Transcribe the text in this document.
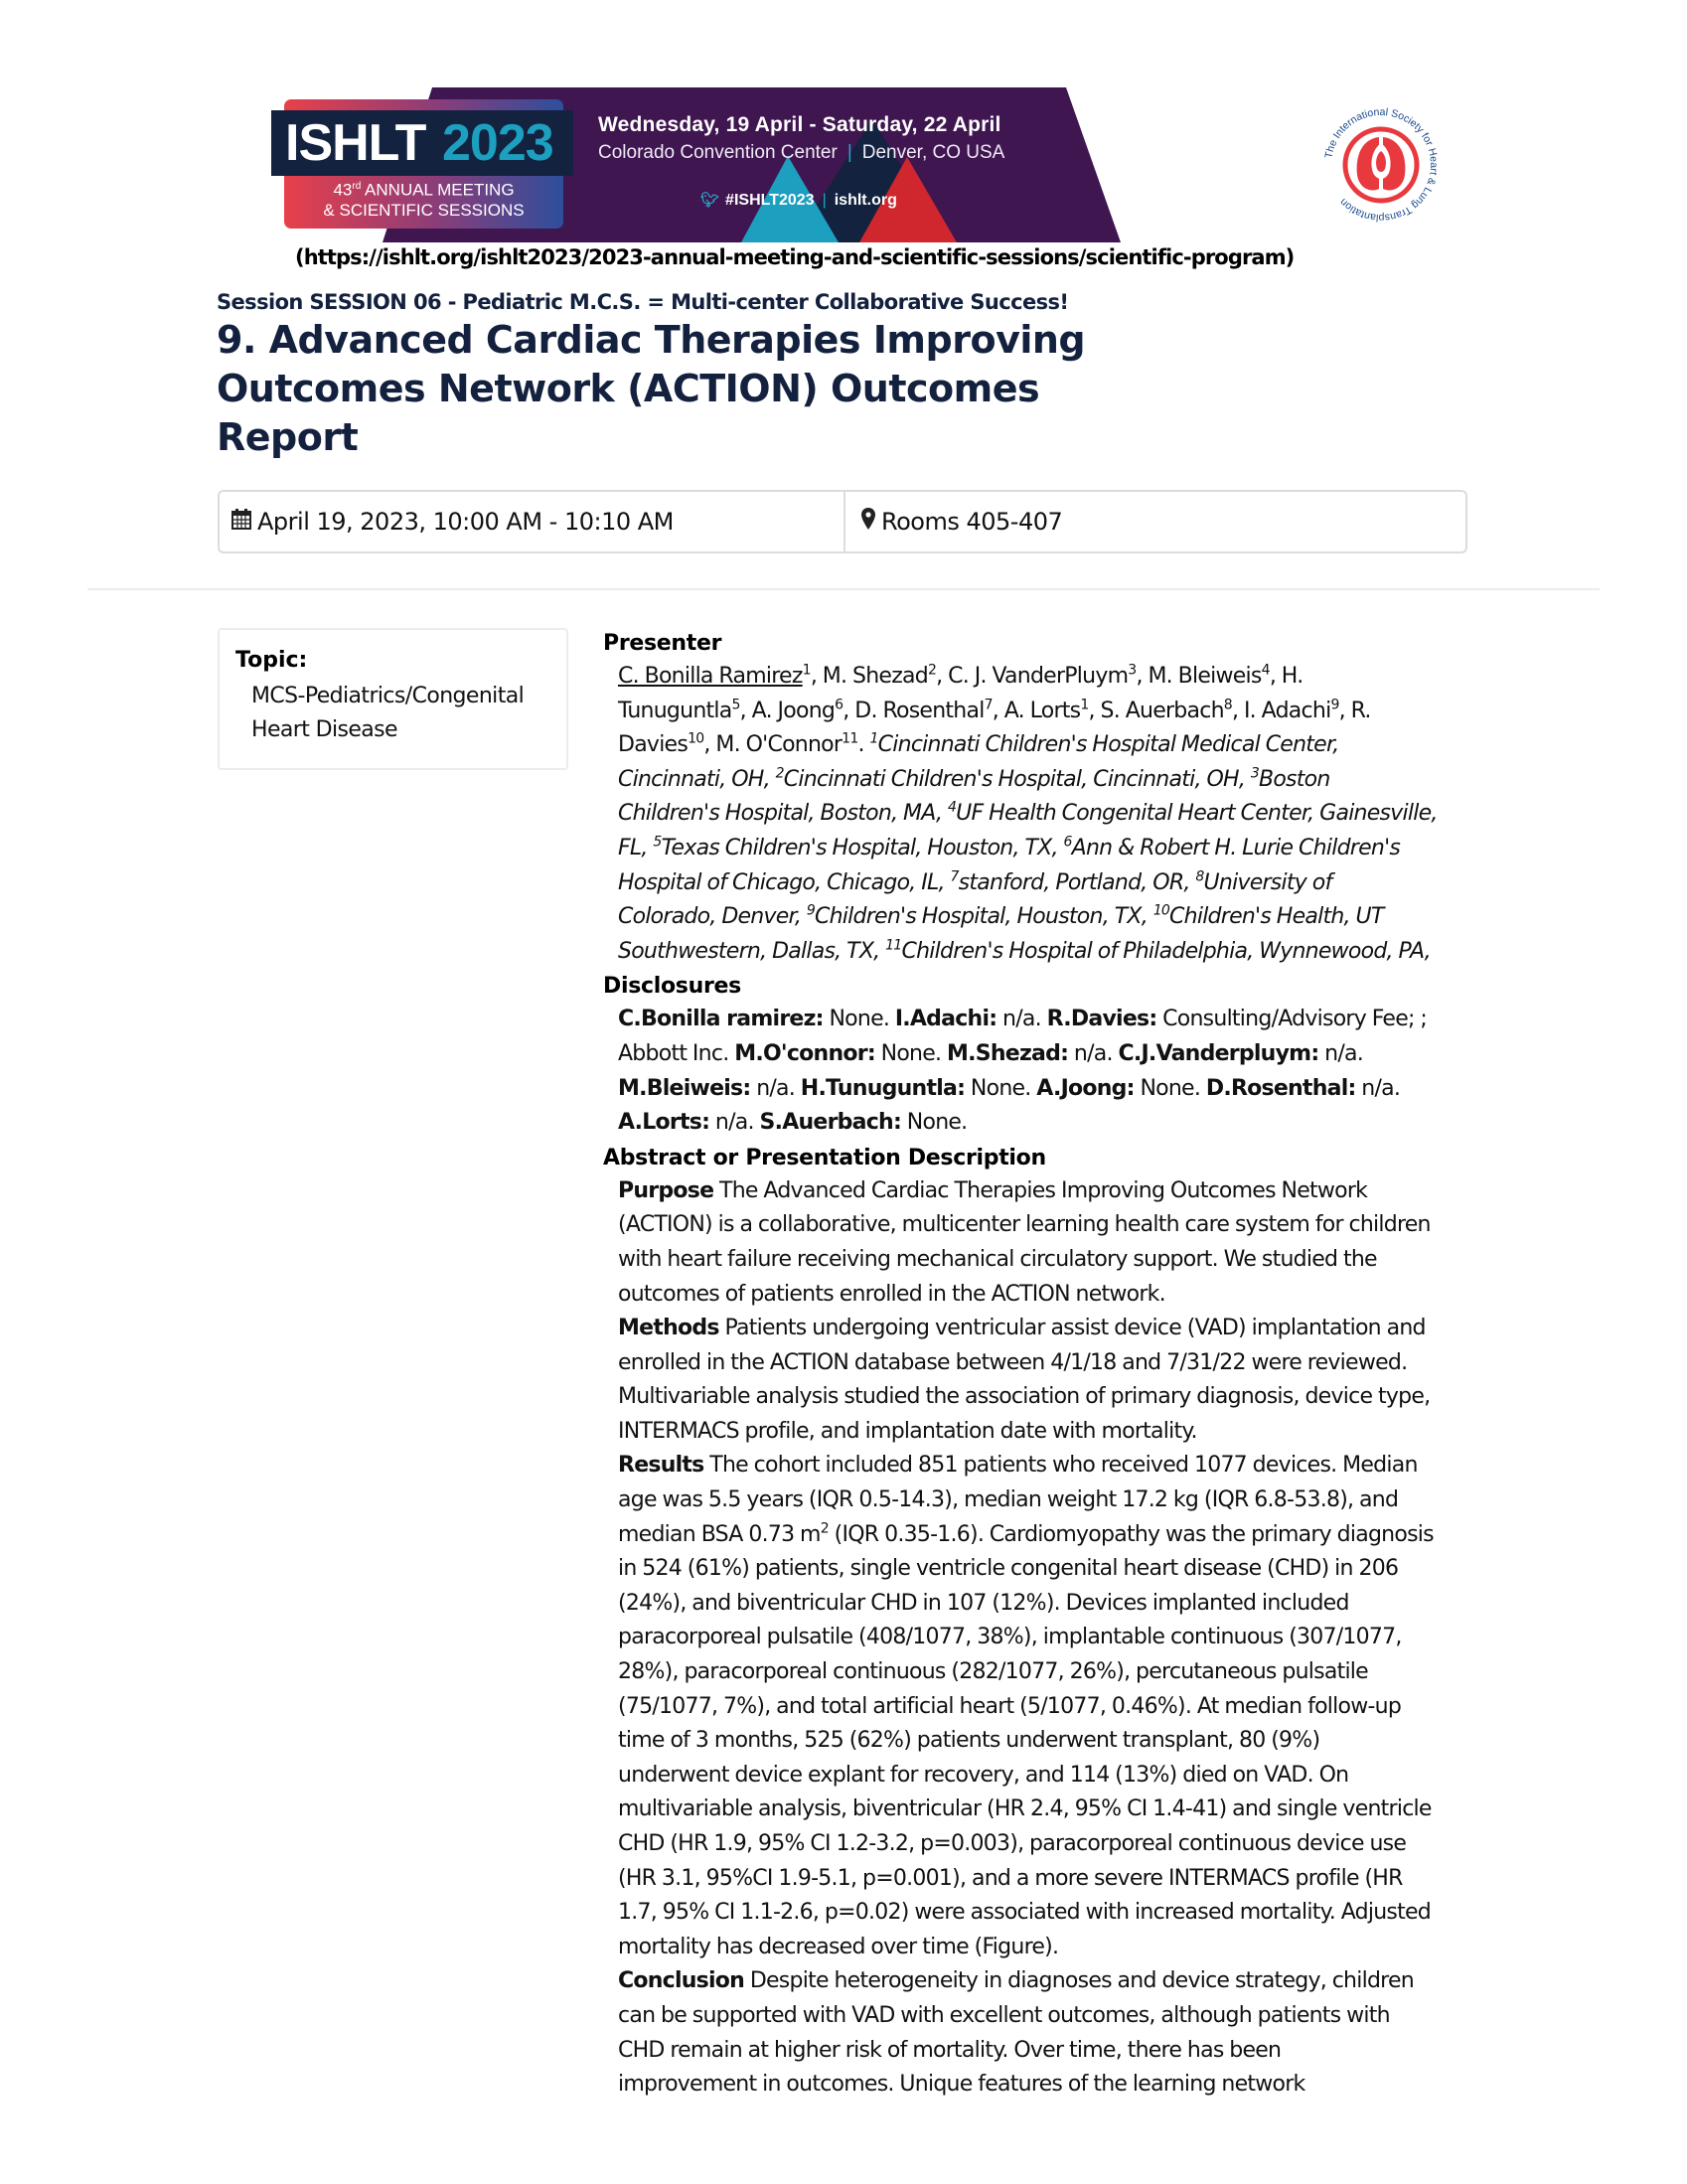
ISHLT 2023
43rd ANNUAL MEETING
& SCIENTIFIC SESSIONS
Wednesday, 19 April - Saturday, 22 April
Colorado Convention Center | Denver, CO USA
🐦︎ #ISHLT2023 | ishlt.org
The International Society for Heart & Lung Transplantation
(https://ishlt.org/ishlt2023/2023-annual-meeting-and-scientific-sessions/scientific-program)
Session SESSION 06 - Pediatric M.C.S. = Multi-center Collaborative Success!
9. Advanced Cardiac Therapies Improving
Outcomes Network (ACTION) Outcomes
Report
April 19, 2023, 10:00 AM - 10:10 AM	Rooms 405-407
Topic:
MCS-Pediatrics/Congenital
Heart Disease
Presenter
C. Bonilla Ramirez$^1$, M. Shezad$^2$, C. J. VanderPluym$^3$, M. Bleiweis$^4$, H.
Tunuguntla$^5$, A. Joong$^6$, D. Rosenthal$^7$, A. Lorts$^1$, S. Auerbach$^8$, I. Adachi$^9$, R.
Davies$^{10}$, M. O'Connor$^{11}$. $^1$Cincinnati Children's Hospital Medical Center,
Cincinnati, OH, $^2$Cincinnati Children's Hospital, Cincinnati, OH, $^3$Boston
Children's Hospital, Boston, MA, $^4$UF Health Congenital Heart Center, Gainesville,
FL, $^5$Texas Children's Hospital, Houston, TX, $^6$Ann & Robert H. Lurie Children's
Hospital of Chicago, Chicago, IL, $^7$stanford, Portland, OR, $^8$University of
Colorado, Denver, $^9$Children's Hospital, Houston, TX, $^{10}$Children's Health, UT
Southwestern, Dallas, TX, $^{11}$Children's Hospital of Philadelphia, Wynnewood, PA,
Disclosures
C.Bonilla ramirez: None. I.Adachi: n/a. R.Davies: Consulting/Advisory Fee; ;
Abbott Inc. M.O'connor: None. M.Shezad: n/a. C.J.Vanderpluym: n/a.
M.Bleiweis: n/a. H.Tunuguntla: None. A.Joong: None. D.Rosenthal: n/a.
A.Lorts: n/a. S.Auerbach: None.
Abstract or Presentation Description
Purpose The Advanced Cardiac Therapies Improving Outcomes Network
(ACTION) is a collaborative, multicenter learning health care system for children
with heart failure receiving mechanical circulatory support. We studied the
outcomes of patients enrolled in the ACTION network.
Methods Patients undergoing ventricular assist device (VAD) implantation and
enrolled in the ACTION database between 4/1/18 and 7/31/22 were reviewed.
Multivariable analysis studied the association of primary diagnosis, device type,
INTERMACS profile, and implantation date with mortality.
Results The cohort included 851 patients who received 1077 devices. Median
age was 5.5 years (IQR 0.5-14.3), median weight 17.2 kg (IQR 6.8-53.8), and
median BSA 0.73 $m^2$ (IQR 0.35-1.6). Cardiomyopathy was the primary diagnosis
in 524 (61%) patients, single ventricle congenital heart disease (CHD) in 206
(24%), and biventricular CHD in 107 (12%). Devices implanted included
paracorporeal pulsatile (408/1077, 38%), implantable continuous (307/1077,
28%), paracorporeal continuous (282/1077, 26%), percutaneous pulsatile
(75/1077, 7%), and total artificial heart (5/1077, 0.46%). At median follow-up
time of 3 months, 525 (62%) patients underwent transplant, 80 (9%)
underwent device explant for recovery, and 114 (13%) died on VAD. On
multivariable analysis, biventricular (HR 2.4, 95% CI 1.4-41) and single ventricle
CHD (HR 1.9, 95% CI 1.2-3.2, p=0.003), paracorporeal continuous device use
(HR 3.1, 95%CI 1.9-5.1, p=0.001), and a more severe INTERMACS profile (HR
1.7, 95% CI 1.1-2.6, p=0.02) were associated with increased mortality. Adjusted
mortality has decreased over time (Figure).
Conclusion Despite heterogeneity in diagnoses and device strategy, children
can be supported with VAD with excellent outcomes, although patients with
CHD remain at higher risk of mortality. Over time, there has been
improvement in outcomes. Unique features of the learning network
